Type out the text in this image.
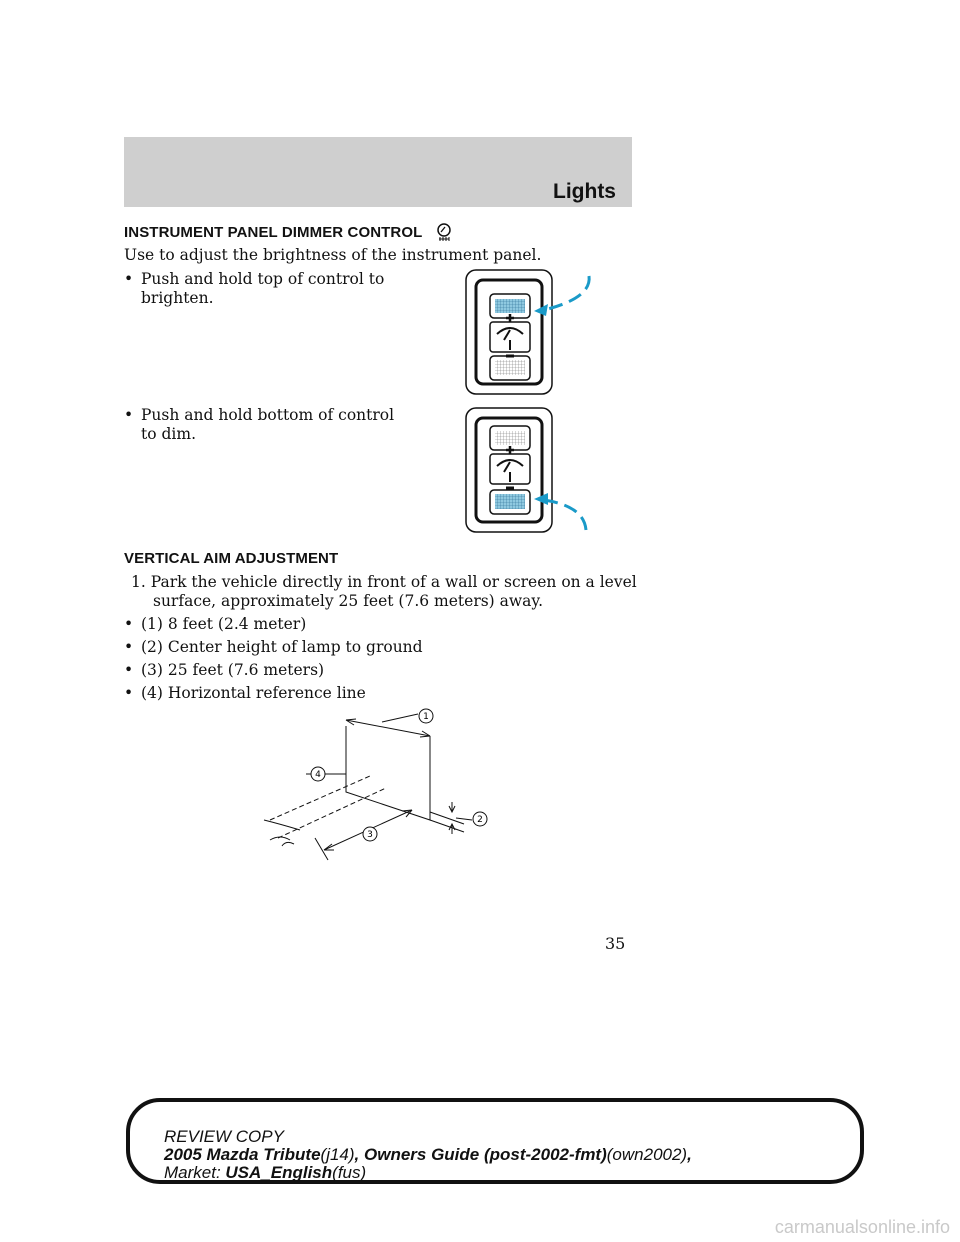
Lights
INSTRUMENT PANEL DIMMER CONTROL
Use to adjust the brightness of the instrument panel.
• Push and hold top of control to
brighten.
• Push and hold bottom of control
to dim.
VERTICAL AIM ADJUSTMENT
1. Park the vehicle directly in front of a wall or screen on a level
surface, approximately 25 feet (7.6 meters) away.
• (1) 8 feet (2.4 meter)
• (2) Center height of lamp to ground
• (3) 25 feet (7.6 meters)
• (4) Horizontal reference line
1
2
3
4
35
REVIEW COPY
2005 Mazda Tribute(j14), Owners Guide (post-2002-fmt)(own2002),
Market: USA_English(fus)
carmanualsonline.info
